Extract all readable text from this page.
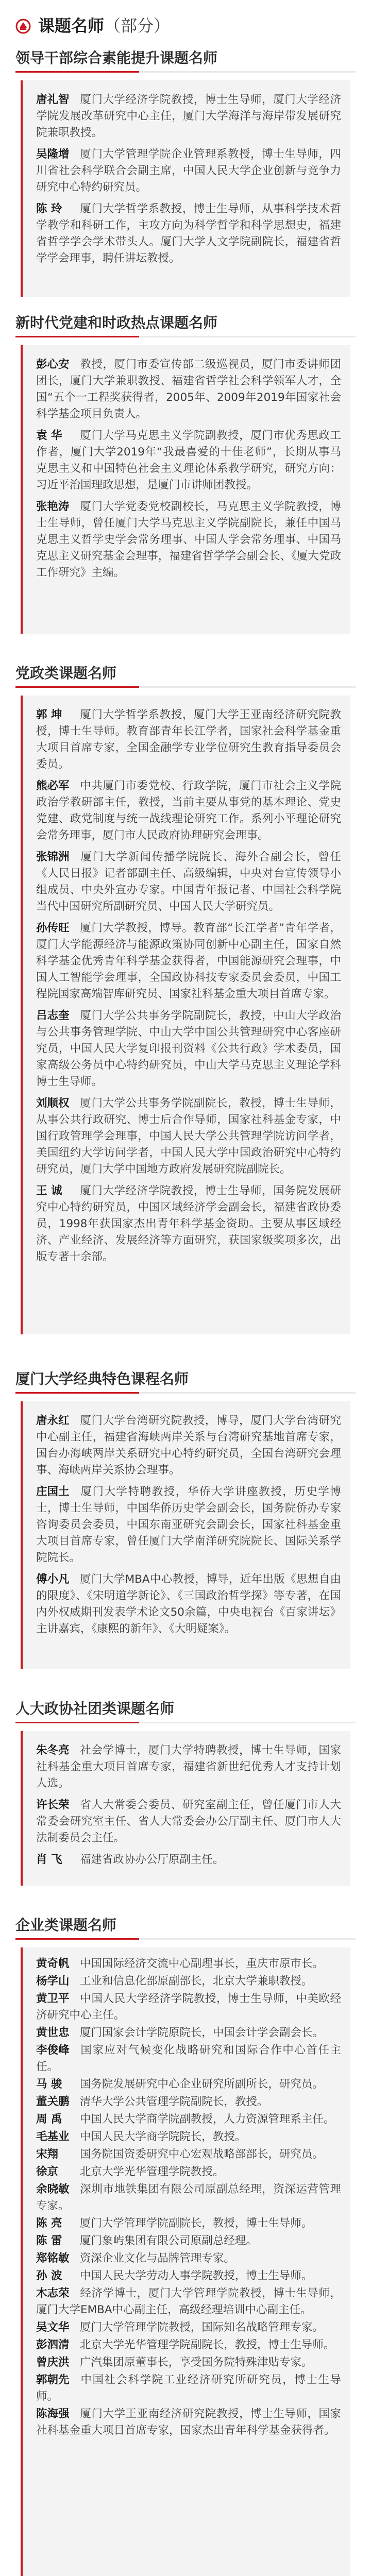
课题名师（部分）
领导干部综合素能提升课题名师
唐礼智 厦门大学经济学院教授，博士生导师，厦门大学经济学院发展改革研究中心主任，厦门大学海洋与海岸带发展研究院兼职教授。
吴隆增 厦门大学管理学院企业管理系教授，博士生导师，四川省社会科学联合会副主席，中国人民大学企业创新与竞争力研究中心特约研究员。
陈 玲 厦门大学哲学系教授，博士生导师，从事科学技术哲学教学和科研工作，主攻方向为科学哲学和科学思想史，福建省哲学学会学术带头人。厦门大学人文学院副院长，福建省哲学学会理事，聘任讲坛教授。
新时代党建和时政热点课题名师
彭心安 教授，厦门市委宣传部二级巡视员，厦门市委讲师团团长，厦门大学兼职教授、福建省哲学社会科学领军人才，全国“五个一工程奖获得者，2005年、2009年2019年国家社会科学基金项目负责人。
袁 华 厦门大学马克思主义学院副教授，厦门市优秀思政工作者，厦门大学2019年“我最喜爱的十佳老师”，长期从事马克思主义和中国特色社会主义理论体系教学研究，研究方向：习近平治国理政思想，是厦门市讲师团教授。
张艳涛 厦门大学党委党校副校长，马克思主义学院教授，博士生导师，曾任厦门大学马克思主义学院副院长，兼任中国马克思主义哲学史学会常务理事、中国人学会常务理事、中国马克思主义研究基金会理事，福建省哲学学会副会长、《厦大党政工作研究》主编。
党政类课题名师
郭 坤 厦门大学哲学系教授，厦门大学王亚南经济研究院教授，博士生导师。教育部青年长江学者，国家社会科学基金重大项目首席专家，全国金融学专业学位研究生教育指导委员会委员。
熊必军 中共厦门市委党校、行政学院，厦门市社会主义学院政治学教研部主任，教授，当前主要从事党的基本理论、党史党建、政党制度与统一战线理论研究工作。系列小平理论研究会常务理事，厦门市人民政府协理研究会理事。
张锦洲 厦门大学新闻传播学院院长、海外合副会长，曾任《人民日报》记者部副主任、高级编辑，中央对台宣传领导小组成员、中央外宣办专家。中国青年报记者、中国社会科学院当代中国研究所副研究员、中国人民大学研究员。
孙传旺 厦门大学教授，博导。教育部“长江学者”青年学者，厦门大学能源经济与能源政策协同创新中心副主任，国家自然科学基金优秀青年科学基金获得者，中国能源研究会理事，中国人工智能学会理事，全国政协科技专家委员会委员，中国工程院国家高端智库研究员、国家社科基金重大项目首席专家。
吕志奎 厦门大学公共事务学院副院长，教授，中山大学政治与公共事务管理学院、中山大学中国公共管理研究中心客座研究员，中国人民大学复印报刊资料《公共行政》学术委员，国家高级公务员中心特约研究员，中山大学马克思主义理论学科博士生导师。
刘顺权 厦门大学公共事务学院副院长，教授，博士生导师，从事公共行政研究、博士后合作导师，国家社科基金专家，中国行政管理学会理事，中国人民大学公共管理学院访问学者，美国纽约大学访问学者，中国人民大学中国政治研究中心特约研究员，厦门大学中国地方政府发展研究院副院长。
王 诚 厦门大学经济学院教授，博士生导师，国务院发展研究中心特约研究员，中国区域经济学会副会长，福建省政协委员，1998年获国家杰出青年科学基金资助。主要从事区域经济、产业经济、发展经济等方面研究，获国家级奖项多次，出版专著十余部。
厦门大学经典特色课程名师
唐永红 厦门大学台湾研究院教授，博导，厦门大学台湾研究中心副主任，福建省海峡两岸关系与台湾研究基地首席专家，国台办海峡两岸关系研究中心特约研究员，全国台湾研究会理事、海峡两岸关系协会理事。
庄国土 厦门大学特聘教授，华侨大学讲座教授，历史学博士，博士生导师，中国华侨历史学会副会长，国务院侨办专家咨询委员会委员，中国东南亚研究会副会长，国家社科基金重大项目首席专家，曾任厦门大学南洋研究院院长、国际关系学院院长。
傅小凡 厦门大学MBA中心教授，博导，近年出版《思想自由的限度》、《宋明道学新论》、《三国政治哲学探》等专著，在国内外权威期刊发表学术论文50余篇，中央电视台《百家讲坛》主讲嘉宾，《康熙的新年》、《大明疑案》。
人大政协社团类课题名师
朱冬亮 社会学博士，厦门大学特聘教授，博士生导师，国家社科基金重大项目首席专家，福建省新世纪优秀人才支持计划人选。
许长荣 省人大常委会委员、研究室副主任，曾任厦门市人大常委会研究室主任、省人大常委会办公厅副主任、厦门市人大法制委员会主任。
肖 飞 福建省政协办公厅原副主任。
企业类课题名师
黄奇帆 中国国际经济交流中心副理事长，重庆市原市长。
杨学山 工业和信息化部原副部长，北京大学兼职教授。
黄卫平 中国人民大学经济学院教授，博士生导师，中美欧经济研究中心主任。
黄世忠 厦门国家会计学院原院长，中国会计学会副会长。
李俊峰 国家应对气候变化战略研究和国际合作中心首任主任。
马 骏 国务院发展研究中心企业研究所副所长，研究员。
董关鹏 清华大学公共管理学院副院长，教授。
周 禹 中国人民大学商学院副教授，人力资源管理系主任。
毛基业 中国人民大学商学院院长，教授。
宋翔 国务院国资委研究中心宏观战略部部长，研究员。
徐京 北京大学光华管理学院教授。
余晓敏 深圳市地铁集团有限公司原副总经理，资深运营管理专家。
陈 亮 厦门大学管理学院副院长，教授，博士生导师。
陈 雷 厦门象屿集团有限公司原副总经理。
郑铭敏 资深企业文化与品牌管理专家。
孙 波 中国人民大学劳动人事学院教授，博士生导师。
木志荣 经济学博士，厦门大学管理学院教授，博士生导师，厦门大学EMBA中心副主任，高级经理培训中心副主任。
吴文华 厦门大学管理学院教授，国际知名战略管理专家。
彭泗清 北京大学光华管理学院副院长，教授，博士生导师。
曾庆洪 广汽集团原董事长，享受国务院特殊津贴专家。
郭朝先 中国社会科学院工业经济研究所研究员，博士生导师。
陈海强 厦门大学王亚南经济研究院教授，博士生导师，国家社科基金重大项目首席专家，国家杰出青年科学基金获得者。
